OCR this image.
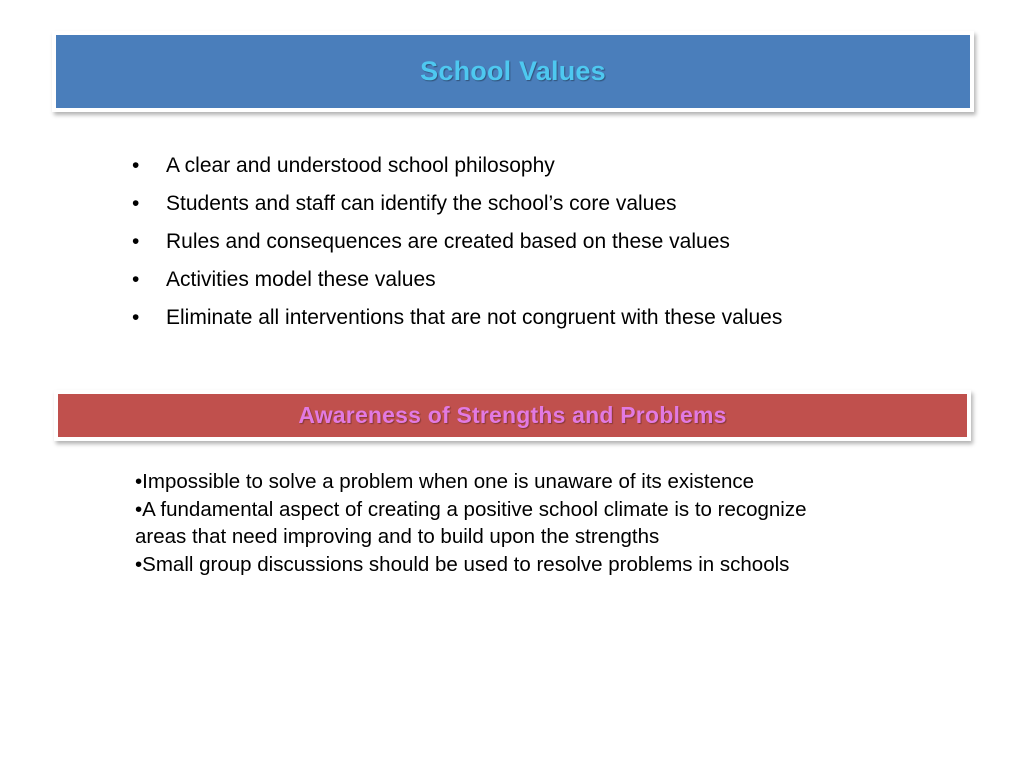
School Values
•	A clear and understood school philosophy
•	Students and staff can identify the school’s core values
•	Rules and consequences are created based on these values
•	Activities model these values
•	Eliminate all interventions that are not congruent with these values
Awareness of Strengths and Problems
•Impossible to solve a problem when one is unaware of its existence
•A fundamental aspect of creating a positive school climate is to recognize areas that need improving and to build upon the strengths
•Small group discussions should be used to resolve problems in schools
